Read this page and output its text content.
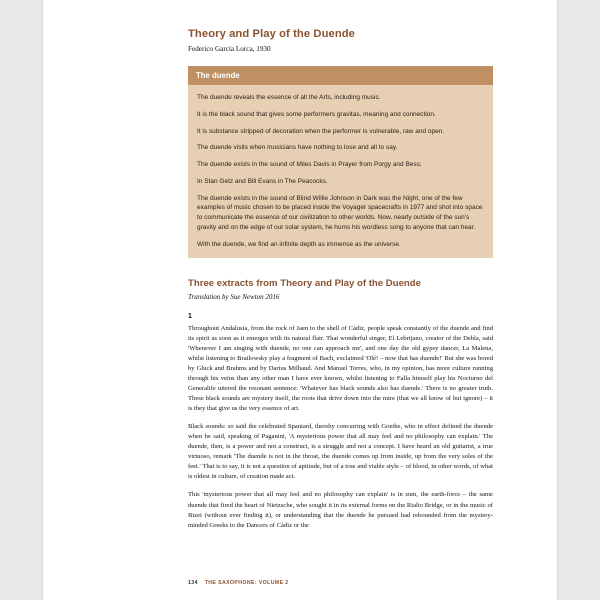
Theory and Play of the Duende

Federico García Lorca, 1930

The duende

The duende reveals the essence of all the Arts, including music.

It is the black sound that gives some performers gravitas, meaning and connection.

It is substance stripped of decoration when the performer is vulnerable, raw and open.

The duende visits when musicians have nothing to lose and all to say.

The duende exists in the sound of Miles Davis in Prayer from Porgy and Bess;

In Stan Getz and Bill Evans in The Peacocks.

The duende exists in the sound of Blind Willie Johnson in Dark was the Night, one of the few examples of music chosen to be placed inside the Voyager spacecrafts in 1977 and shot into space to communicate the essence of our civilization to other worlds. Now, nearly outside of the sun's gravity and on the edge of our solar system, he hums his wordless song to anyone that can hear.

With the duende, we find an infinite depth as immense as the universe.

Three extracts from Theory and Play of the Duende

Translation by Sue Newton 2016

1

Throughout Andalusia, from the rock of Jaen to the shell of Cádiz, people speak constantly of the duende and find its spirit as soon as it emerges with its natural flair. That wonderful singer, El Lebrijano, creator of the Debla, said 'Whenever I am singing with duende, no one can approach me', and one day the old gypsy dancer, La Malena, whilst listening to Brailowsky play a fragment of Bach, exclaimed 'Olé! – now that has duende!' But she was bored by Gluck and Brahms and by Darius Milhaud. And Manuel Torres, who, in my opinion, has more culture running through his veins than any other man I have ever known, whilst listening to Falla himself play his Nocturno del Generalife uttered the resonant sentence: 'Whatever has black sounds also has duende.' There is no greater truth. These black sounds are mystery itself, the roots that drive down into the mire (that we all know of but ignore) – it is they that give us the very essence of art.

Black sounds: so said the celebrated Spaniard, thereby concurring with Goethe, who in effect defined the duende when he said, speaking of Paganini, 'A mysterious power that all may feel and no philosophy can explain.' The duende, then, is a power and not a construct, is a struggle and not a concept. I have heard an old guitarist, a true virtuoso, remark 'The duende is not in the throat, the duende comes up from inside, up from the very soles of the feet.' That is to say, it is not a question of aptitude, but of a true and viable style – of blood, in other words, of what is oldest in culture, of creation made act.

This 'mysterious power that all may feel and no philosophy can explain' is in sum, the earth-force – the same duende that fired the heart of Nietzsche, who sought it in its external forms on the Rialto Bridge, or in the music of Bizet (without ever finding it), or understanding that the duende he pursued had rebounded from the mystery-minded Greeks to the Dancers of Cádiz or the

134 THE SAXOPHONE: VOLUME 2
